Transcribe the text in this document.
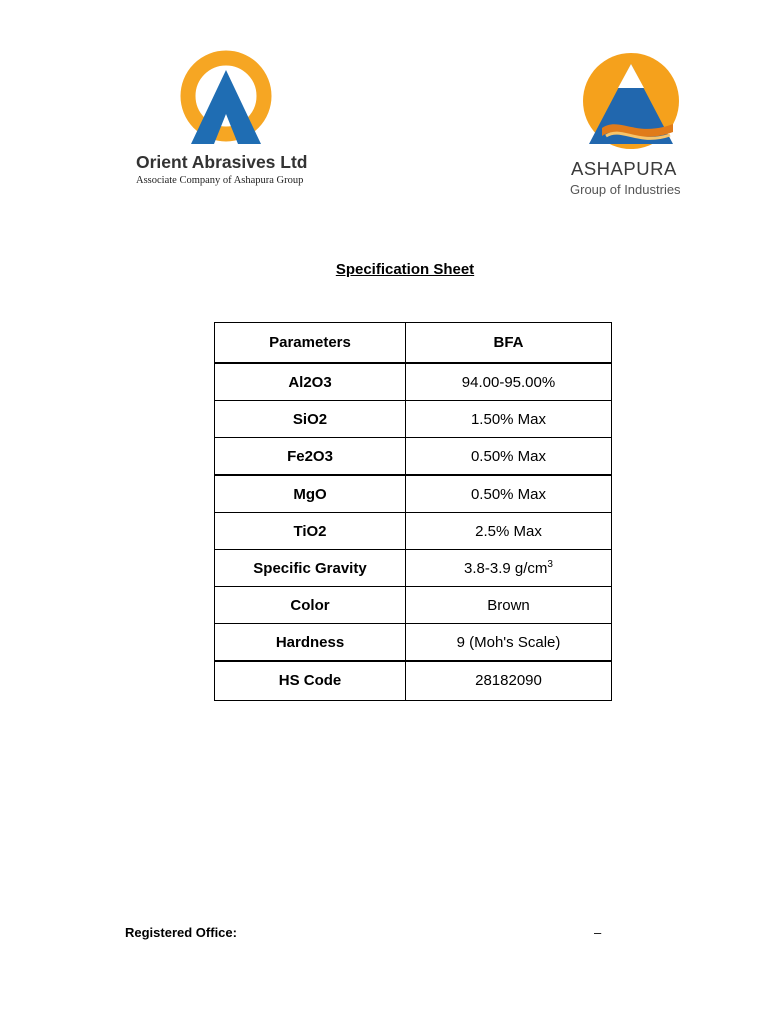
Orient Abrasives Ltd
Associate Company of Ashapura Group
ASHAPURA
Group of Industries
Specification Sheet
Parameters	BFA
Al2O3	94.00-95.00%
SiO2	1.50% Max
Fe2O3	0.50% Max
MgO	0.50% Max
TiO2	2.5% Max
Specific Gravity	3.8-3.9 $g/cm^3$
Color	Brown
Hardness	9 (Moh's Scale)
HS Code	28182090
Registered Office:	–
